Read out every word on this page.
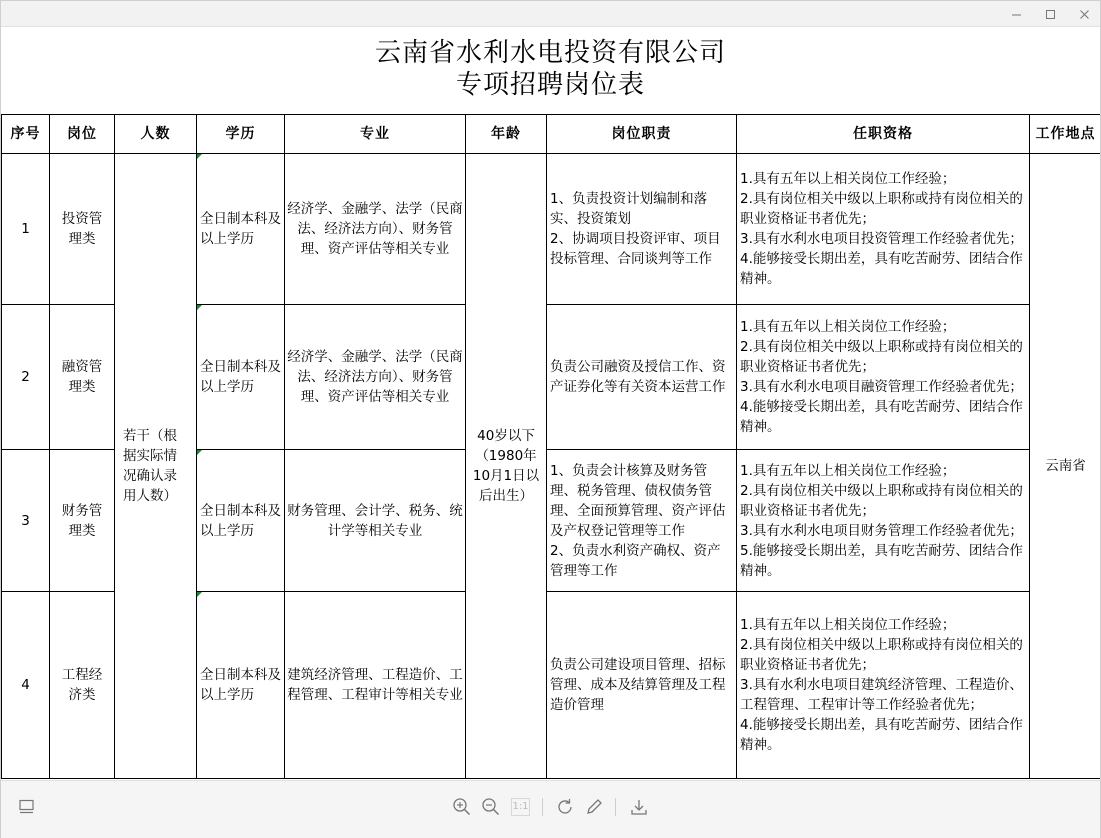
云南省水利水电投资有限公司
专项招聘岗位表
序号	岗位	人数	学历	专业	年龄	岗位职责	任职资格	工作地点
1	投资管理类	若干（根据实际情况确认录用人数）	全日制本科及以上学历	经济学、金融学、法学（民商法、经济法方向）、财务管理、资产评估等相关专业	40岁以下（1980年10月1日以后出生）	1、负责投资计划编制和落实、投资策划
2、协调项目投资评审、项目投标管理、合同谈判等工作	1.具有五年以上相关岗位工作经验；
2.具有岗位相关中级以上职称或持有岗位相关的职业资格证书者优先；
3.具有水利水电项目投资管理工作经验者优先；
4.能够接受长期出差，具有吃苦耐劳、团结合作精神。	云南省
2	融资管理类		全日制本科及以上学历	经济学、金融学、法学（民商法、经济法方向）、财务管理、资产评估等相关专业		负责公司融资及授信工作、资产证券化等有关资本运营工作	1.具有五年以上相关岗位工作经验；
2.具有岗位相关中级以上职称或持有岗位相关的职业资格证书者优先；
3.具有水利水电项目融资管理工作经验者优先；
4.能够接受长期出差，具有吃苦耐劳、团结合作精神。	
3	财务管理类		全日制本科及以上学历	财务管理、会计学、税务、统计学等相关专业		1、负责会计核算及财务管理、税务管理、债权债务管理、全面预算管理、资产评估及产权登记管理等工作
2、负责水利资产确权、资产管理等工作	1.具有五年以上相关岗位工作经验；
2.具有岗位相关中级以上职称或持有岗位相关的职业资格证书者优先；
3.具有水利水电项目财务管理工作经验者优先；
5.能够接受长期出差，具有吃苦耐劳、团结合作精神。	
4	工程经济类		全日制本科及以上学历	建筑经济管理、工程造价、工程管理、工程审计等相关专业		负责公司建设项目管理、招标管理、成本及结算管理及工程造价管理	1.具有五年以上相关岗位工作经验；
2.具有岗位相关中级以上职称或持有岗位相关的职业资格证书者优先；
3.具有水利水电项目建筑经济管理、工程造价、工程管理、工程审计等工作经验者优先；
4.能够接受长期出差，具有吃苦耐劳、团结合作精神。	
1:1
